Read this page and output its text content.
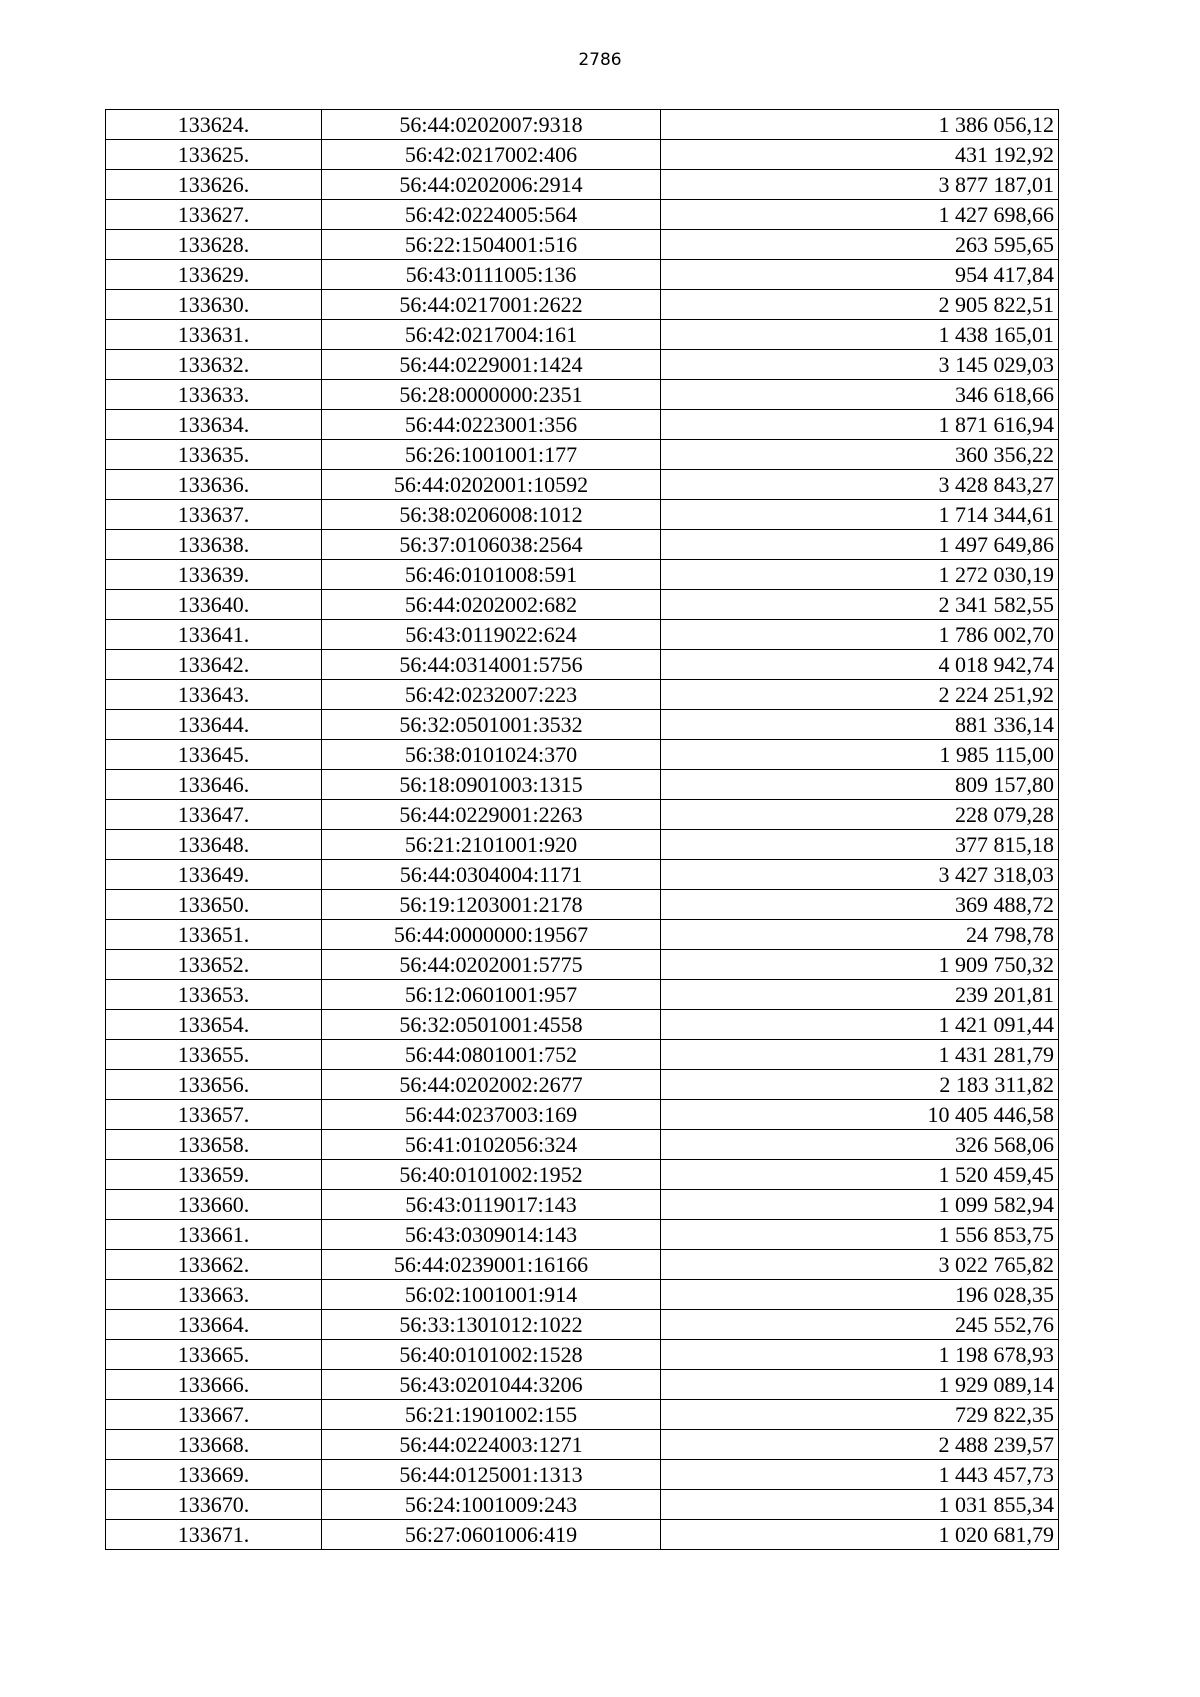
2786
133624.	56:44:0202007:9318	1 386 056,12
133625.	56:42:0217002:406	431 192,92
133626.	56:44:0202006:2914	3 877 187,01
133627.	56:42:0224005:564	1 427 698,66
133628.	56:22:1504001:516	263 595,65
133629.	56:43:0111005:136	954 417,84
133630.	56:44:0217001:2622	2 905 822,51
133631.	56:42:0217004:161	1 438 165,01
133632.	56:44:0229001:1424	3 145 029,03
133633.	56:28:0000000:2351	346 618,66
133634.	56:44:0223001:356	1 871 616,94
133635.	56:26:1001001:177	360 356,22
133636.	56:44:0202001:10592	3 428 843,27
133637.	56:38:0206008:1012	1 714 344,61
133638.	56:37:0106038:2564	1 497 649,86
133639.	56:46:0101008:591	1 272 030,19
133640.	56:44:0202002:682	2 341 582,55
133641.	56:43:0119022:624	1 786 002,70
133642.	56:44:0314001:5756	4 018 942,74
133643.	56:42:0232007:223	2 224 251,92
133644.	56:32:0501001:3532	881 336,14
133645.	56:38:0101024:370	1 985 115,00
133646.	56:18:0901003:1315	809 157,80
133647.	56:44:0229001:2263	228 079,28
133648.	56:21:2101001:920	377 815,18
133649.	56:44:0304004:1171	3 427 318,03
133650.	56:19:1203001:2178	369 488,72
133651.	56:44:0000000:19567	24 798,78
133652.	56:44:0202001:5775	1 909 750,32
133653.	56:12:0601001:957	239 201,81
133654.	56:32:0501001:4558	1 421 091,44
133655.	56:44:0801001:752	1 431 281,79
133656.	56:44:0202002:2677	2 183 311,82
133657.	56:44:0237003:169	10 405 446,58
133658.	56:41:0102056:324	326 568,06
133659.	56:40:0101002:1952	1 520 459,45
133660.	56:43:0119017:143	1 099 582,94
133661.	56:43:0309014:143	1 556 853,75
133662.	56:44:0239001:16166	3 022 765,82
133663.	56:02:1001001:914	196 028,35
133664.	56:33:1301012:1022	245 552,76
133665.	56:40:0101002:1528	1 198 678,93
133666.	56:43:0201044:3206	1 929 089,14
133667.	56:21:1901002:155	729 822,35
133668.	56:44:0224003:1271	2 488 239,57
133669.	56:44:0125001:1313	1 443 457,73
133670.	56:24:1001009:243	1 031 855,34
133671.	56:27:0601006:419	1 020 681,79
